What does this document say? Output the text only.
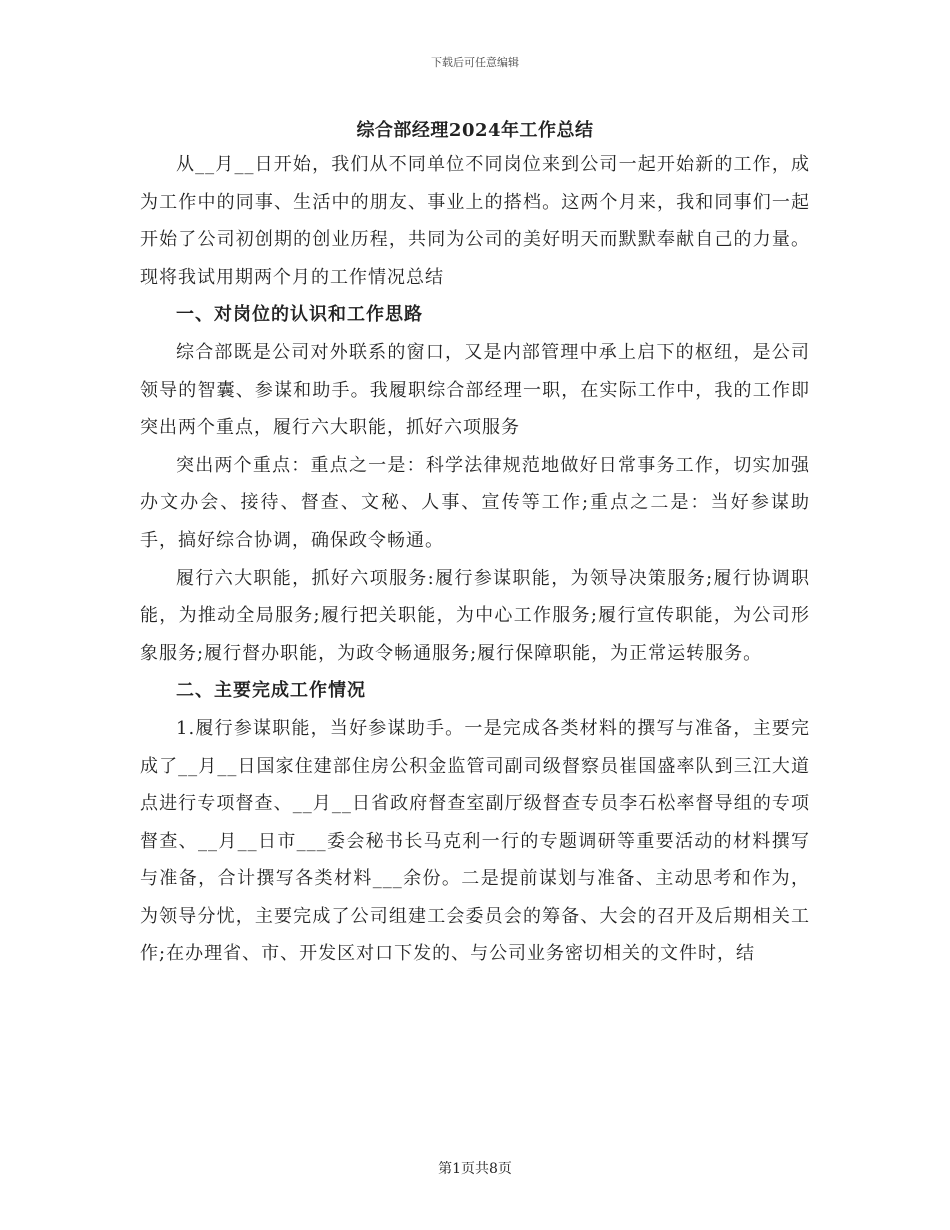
下载后可任意编辑
综合部经理2024年工作总结

从__月__日开始，我们从不同单位不同岗位来到公司一起开始新的工作，成为工作中的同事、生活中的朋友、事业上的搭档。这两个月来，我和同事们一起开始了公司初创期的创业历程，共同为公司的美好明天而默默奉献自己的力量。现将我试用期两个月的工作情况总结

一、对岗位的认识和工作思路

综合部既是公司对外联系的窗口，又是内部管理中承上启下的枢纽，是公司领导的智囊、参谋和助手。我履职综合部经理一职，在实际工作中，我的工作即突出两个重点，履行六大职能，抓好六项服务

突出两个重点：重点之一是：科学法律规范地做好日常事务工作，切实加强办文办会、接待、督查、文秘、人事、宣传等工作;重点之二是：当好参谋助手，搞好综合协调，确保政令畅通。

履行六大职能，抓好六项服务:履行参谋职能，为领导决策服务;履行协调职能，为推动全局服务;履行把关职能，为中心工作服务;履行宣传职能，为公司形象服务;履行督办职能，为政令畅通服务;履行保障职能，为正常运转服务。

二、主要完成工作情况

1.履行参谋职能，当好参谋助手。一是完成各类材料的撰写与准备，主要完成了__月__日国家住建部住房公积金监管司副司级督察员崔国盛率队到三江大道点进行专项督查、__月__日省政府督查室副厅级督查专员李石松率督导组的专项督查、__月__日市___委会秘书长马克利一行的专题调研等重要活动的材料撰写与准备，合计撰写各类材料___余份。二是提前谋划与准备、主动思考和作为，为领导分忧，主要完成了公司组建工会委员会的筹备、大会的召开及后期相关工作;在办理省、市、开发区对口下发的、与公司业务密切相关的文件时，结

第1页共8页
